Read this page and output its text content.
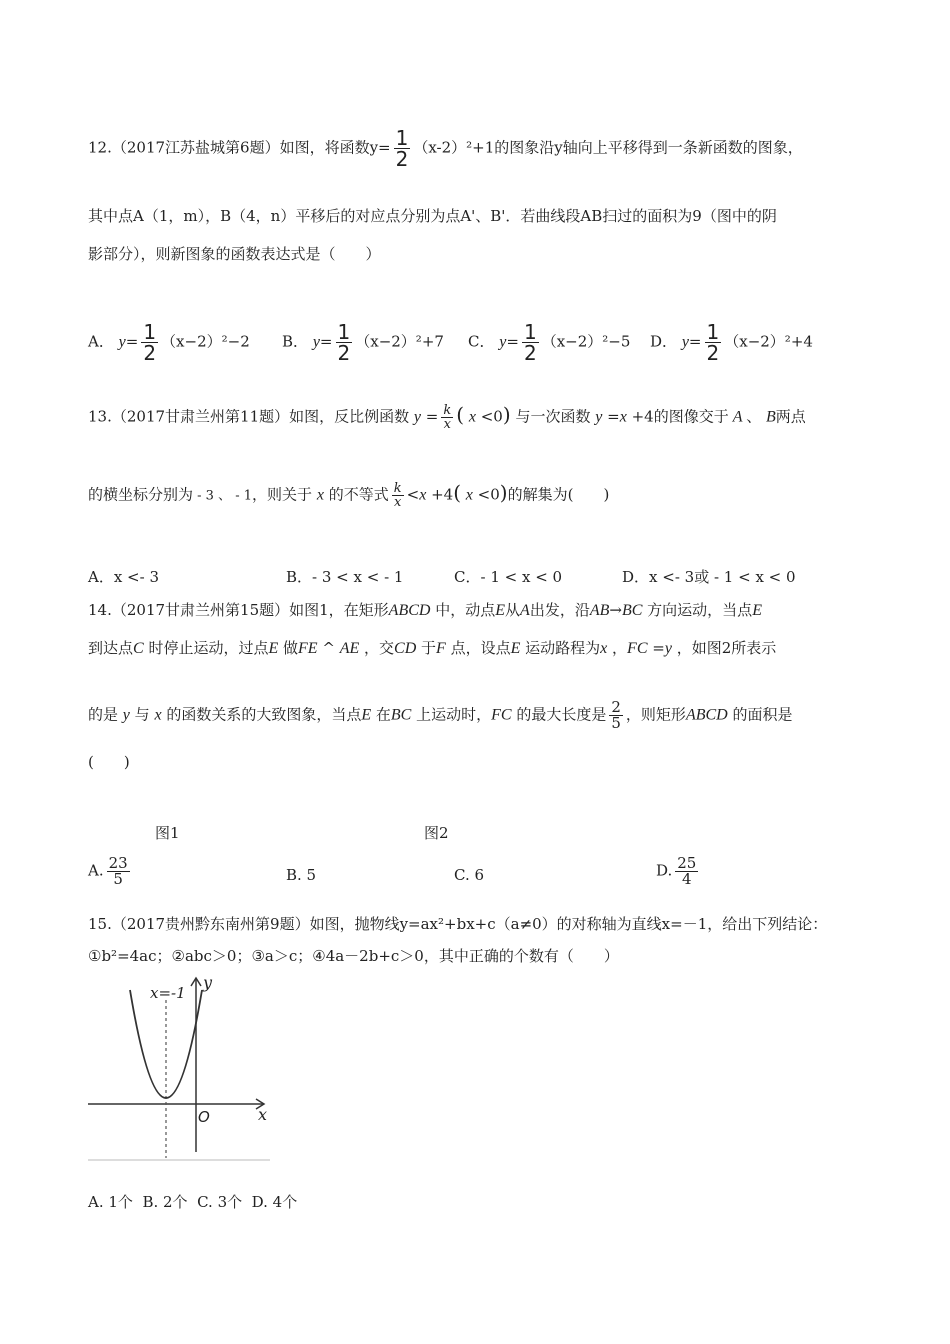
12.（2017江苏盐城第6题）如图，将函数$y= \frac{1}{2} (x-2)^2+1$的图象沿y轴向上平移得到一条新函数的图象，
其中点A（1，m），B（4，n）平移后的对应点分别为点A'、B'．若曲线段AB扫过的面积为9（图中的阴
影部分），则新图象的函数表达式是（　　）
A． $y= \frac{1}{2} (x-2)^2-2$ B． $y= \frac{1}{2} (x-2)^2+7$ C． $y= \frac{1}{2} (x-2)^2-5$ D． $y= \frac{1}{2} (x-2)^2+4$
13.（2017甘肃兰州第11题）如图，反比例函数 $y = \frac{k}{x}$ ( x <0) 与一次函数 y =x +4的图像交于 A 、 B两点
的横坐标分别为 - 3 、 - 1，则关于 x 的不等式 $\frac{k}{x} <x +4$( x <0)的解集为(　　)
A．x <- 3	B．- 3 < x < - 1	C．- 1 < x < 0	D．x <- 3或 - 1 < x < 0
14.（2017甘肃兰州第15题）如图1，在矩形ABCD 中，动点E从A出发，沿AB→BC 方向运动，当点E
到达点C 时停止运动，过点E 做FE ^ AE ，交CD 于F 点，设点E 运动路程为x ，FC =y ，如图2所表示
的是 y 与 x 的函数关系的大致图象，当点E 在BC 上运动时，FC 的最大长度是 $\frac{2}{5}$ ，则矩形ABCD 的面积是
(　　)
图1	图2
A. $\frac{23}{5}$	B. 5	C. 6	D. $\frac{25}{4}$
15.（2017贵州黔东南州第9题）如图，抛物线y=ax²+bx+c（a≠0）的对称轴为直线x=－1，给出下列结论：
①b²=4ac；②abc＞0；③a＞c；④4a－2b+c＞0，其中正确的个数有（　　）
x=-1
y
x
O
A. 1个  B. 2个  C. 3个  D. 4个
